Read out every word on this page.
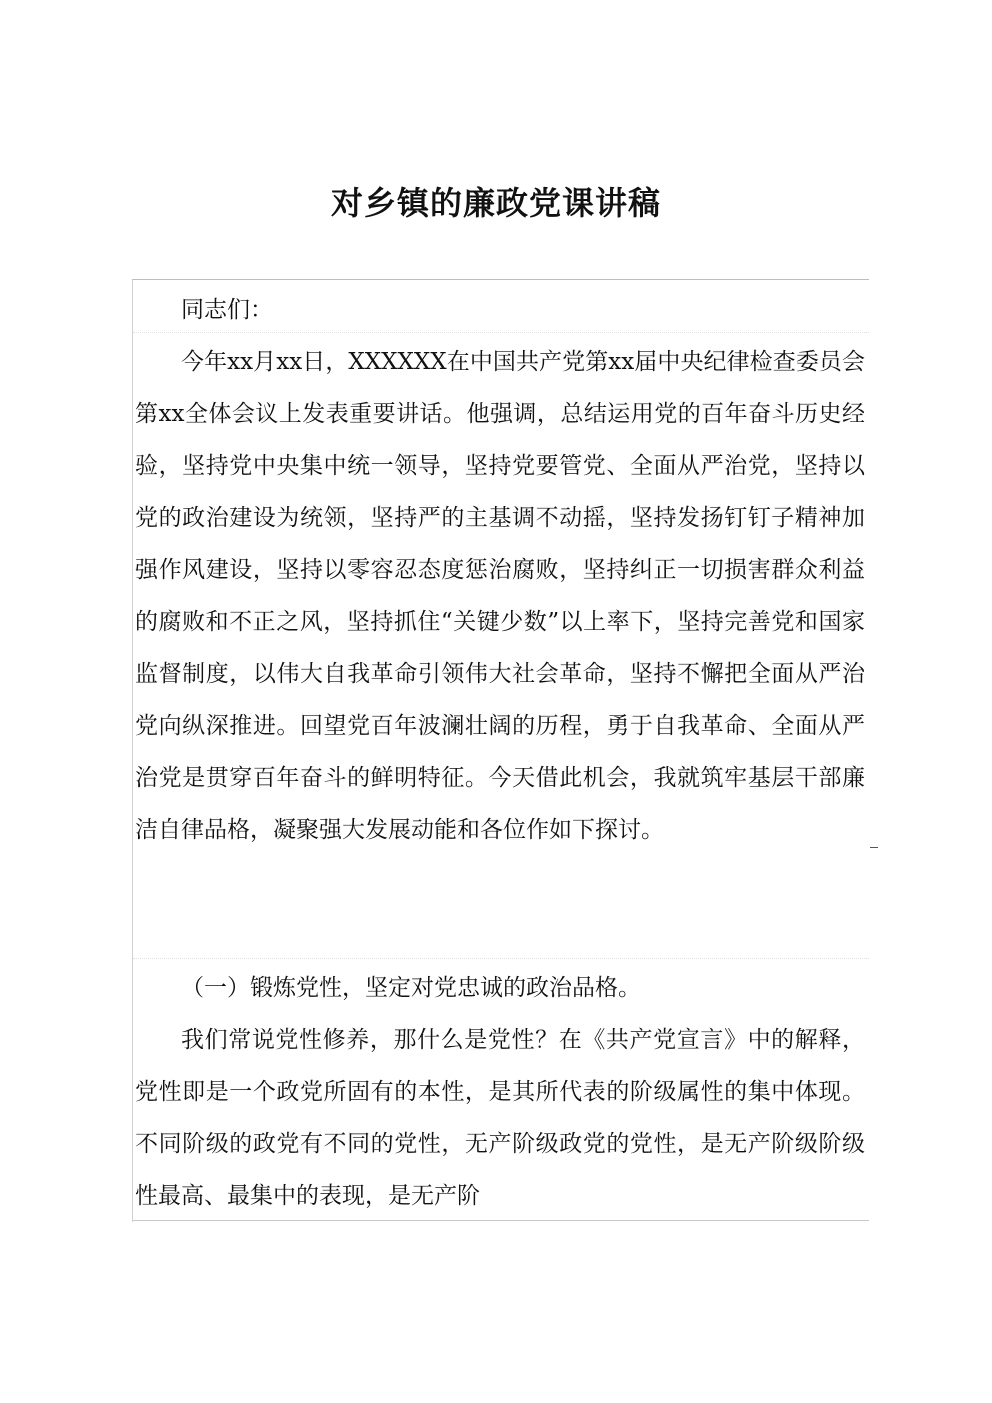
对乡镇的廉政党课讲稿

同志们：

今年xx月xx日，XXXXXX在中国共产党第xx届中央纪律检查委员会第xx全体会议上发表重要讲话。他强调，总结运用党的百年奋斗历史经验，坚持党中央集中统一领导，坚持党要管党、全面从严治党，坚持以党的政治建设为统领，坚持严的主基调不动摇，坚持发扬钉钉子精神加强作风建设，坚持以零容忍态度惩治腐败，坚持纠正一切损害群众利益的腐败和不正之风，坚持抓住“关键少数”以上率下，坚持完善党和国家监督制度，以伟大自我革命引领伟大社会革命，坚持不懈把全面从严治党向纵深推进。回望党百年波澜壮阔的历程，勇于自我革命、全面从严治党是贯穿百年奋斗的鲜明特征。今天借此机会，我就筑牢基层干部廉洁自律品格，凝聚强大发展动能和各位作如下探讨。

（一）锻炼党性，坚定对党忠诚的政治品格。

我们常说党性修养，那什么是党性？在《共产党宣言》中的解释，党性即是一个政党所固有的本性，是其所代表的阶级属性的集中体现。不同阶级的政党有不同的党性，无产阶级政党的党性，是无产阶级阶级性最高、最集中的表现，是无产阶
